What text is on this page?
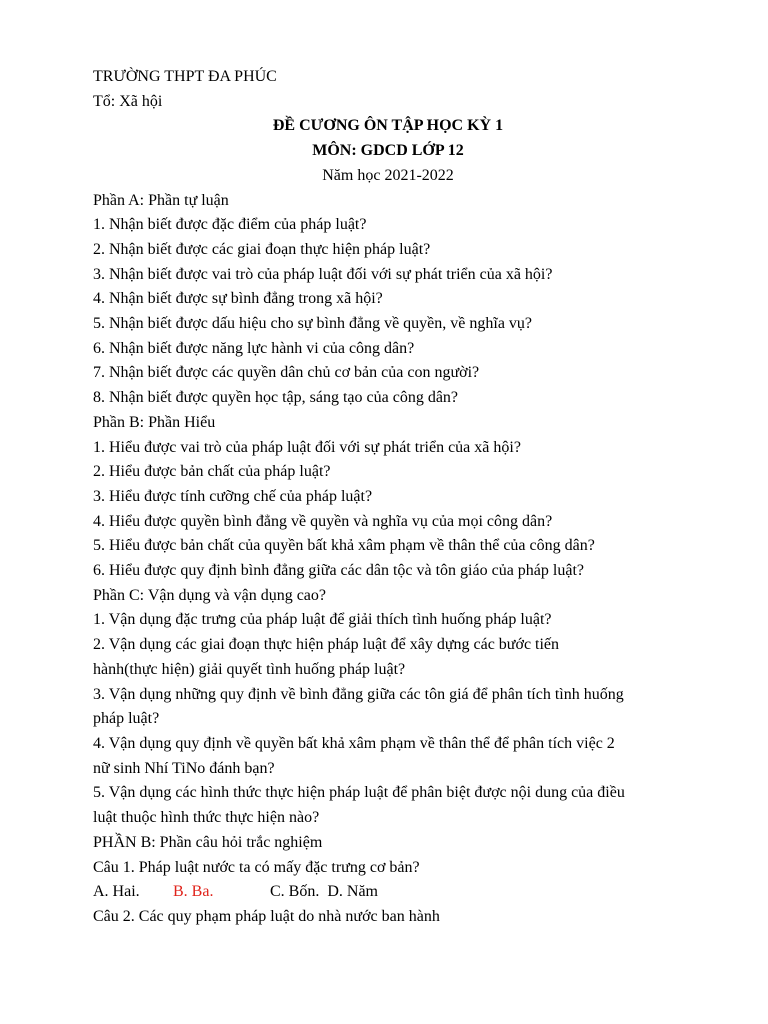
TRƯỜNG THPT ĐA PHÚC
Tổ: Xã hội
ĐỀ CƯƠNG ÔN TẬP HỌC KỲ 1
MÔN: GDCD LỚP 12
Năm học 2021-2022
Phần A: Phần tự luận
1. Nhận biết được đặc điểm của pháp luật?
2. Nhận biết được các giai đoạn thực hiện pháp luật?
3. Nhận biết được vai trò của pháp luật đối với sự phát triển của xã hội?
4. Nhận biết được sự bình đẳng trong xã hội?
5. Nhận biết được dấu hiệu cho sự bình đẳng về quyền, về nghĩa vụ?
6. Nhận biết được năng lực hành vi của công dân?
7. Nhận biết được các quyền dân chủ cơ bản của con người?
8. Nhận biết được quyền học tập, sáng tạo của công dân?
Phần B: Phần Hiểu
1. Hiểu được vai trò của pháp luật đối với sự phát triển của xã hội?
2. Hiểu được bản chất của pháp luật?
3. Hiểu được tính cưỡng chế của pháp luật?
4. Hiểu được quyền bình đẳng về quyền và nghĩa vụ của mọi công dân?
5. Hiểu được bản chất của quyền bất khả xâm phạm về thân thể của công dân?
6. Hiểu được quy định bình đẳng giữa các dân tộc và tôn giáo của pháp luật?
Phần C: Vận dụng và vận dụng cao?
1. Vận dụng đặc trưng của pháp luật để giải thích tình huống pháp luật?
2. Vận dụng các giai đoạn thực hiện pháp luật để xây dựng các bước tiến
hành(thực hiện) giải quyết tình huống pháp luật?
3. Vận dụng những quy định về bình đẳng giữa các tôn giá để phân tích tình huống
pháp luật?
4. Vận dụng quy định về quyền bất khả xâm phạm về thân thể để phân tích việc 2
nữ sinh Nhí TiNo đánh bạn?
5. Vận dụng các hình thức thực hiện pháp luật để phân biệt được nội dung của điều
luật thuộc hình thức thực hiện nào?
PHẦN B: Phần câu hỏi trắc nghiệm
Câu 1. Pháp luật nước ta có mấy đặc trưng cơ bản?
A. Hai. B. Ba.	C. Bốn. D. Năm
Câu 2. Các quy phạm pháp luật do nhà nước ban hành
